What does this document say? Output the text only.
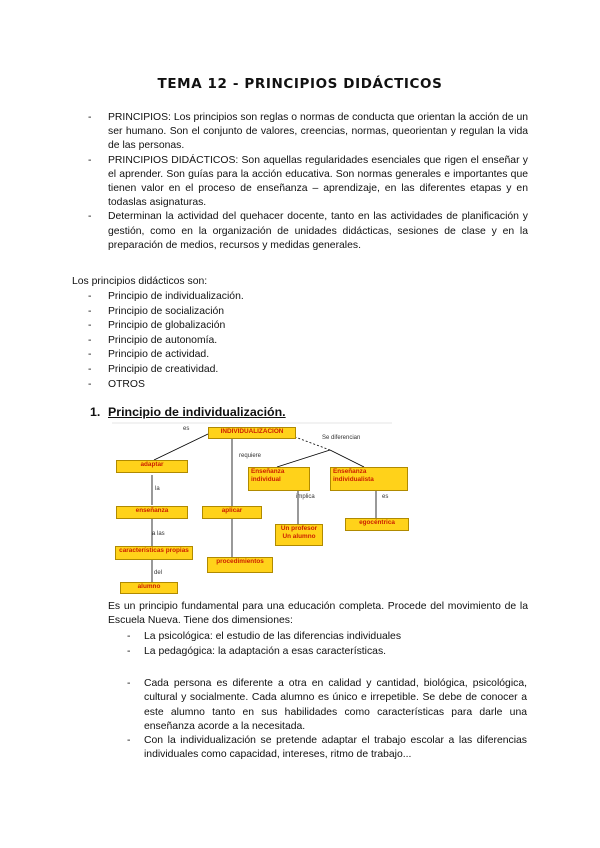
TEMA 12 - PRINCIPIOS DIDÁCTICOS
- PRINCIPIOS: Los principios son reglas o normas de conducta que orientan la acción de un ser humano. Son el conjunto de valores, creencias, normas, queorientan y regulan la vida de las personas.
- PRINCIPIOS DIDÁCTICOS: Son aquellas regularidades esenciales que rigen el enseñar y el aprender. Son guías para la acción educativa. Son normas generales e importantes que tienen valor en el proceso de enseñanza – aprendizaje, en las diferentes etapas y en todaslas asignaturas.
- Determinan la actividad del quehacer docente, tanto en las actividades de planificación y gestión, como en la organización de unidades didácticas, sesiones de clase y en la preparación de medios, recursos y medidas generales.
Los principios didácticos son:
- Principio de individualización.
- Principio de socialización
- Principio de globalización
- Principio de autonomía.
- Principio de actividad.
- Principio de creatividad.
- OTROS
1. Principio de individualización.
es
requiere
Se diferencian
la
a las
del
implica	es
INDIVIDUALIZACION
adaptar
aplicar
Enseñanza individual
Enseñanza individualista
enseñanza
características propias
alumno
procedimientos
Un profesor Un alumno
egocéntrica
Es un principio fundamental para una educación completa. Procede del movimiento de la Escuela Nueva. Tiene dos dimensiones:
- La psicológica: el estudio de las diferencias individuales
- La pedagógica: la adaptación a esas características.
- Cada persona es diferente a otra en calidad y cantidad, biológica, psicológica, cultural y socialmente. Cada alumno es único e irrepetible. Se debe de conocer a este alumno tanto en sus habilidades como características para darle una enseñanza acorde a la necesitada.
- Con la individualización se pretende adaptar el trabajo escolar a las diferencias individuales como capacidad, intereses, ritmo de trabajo...
